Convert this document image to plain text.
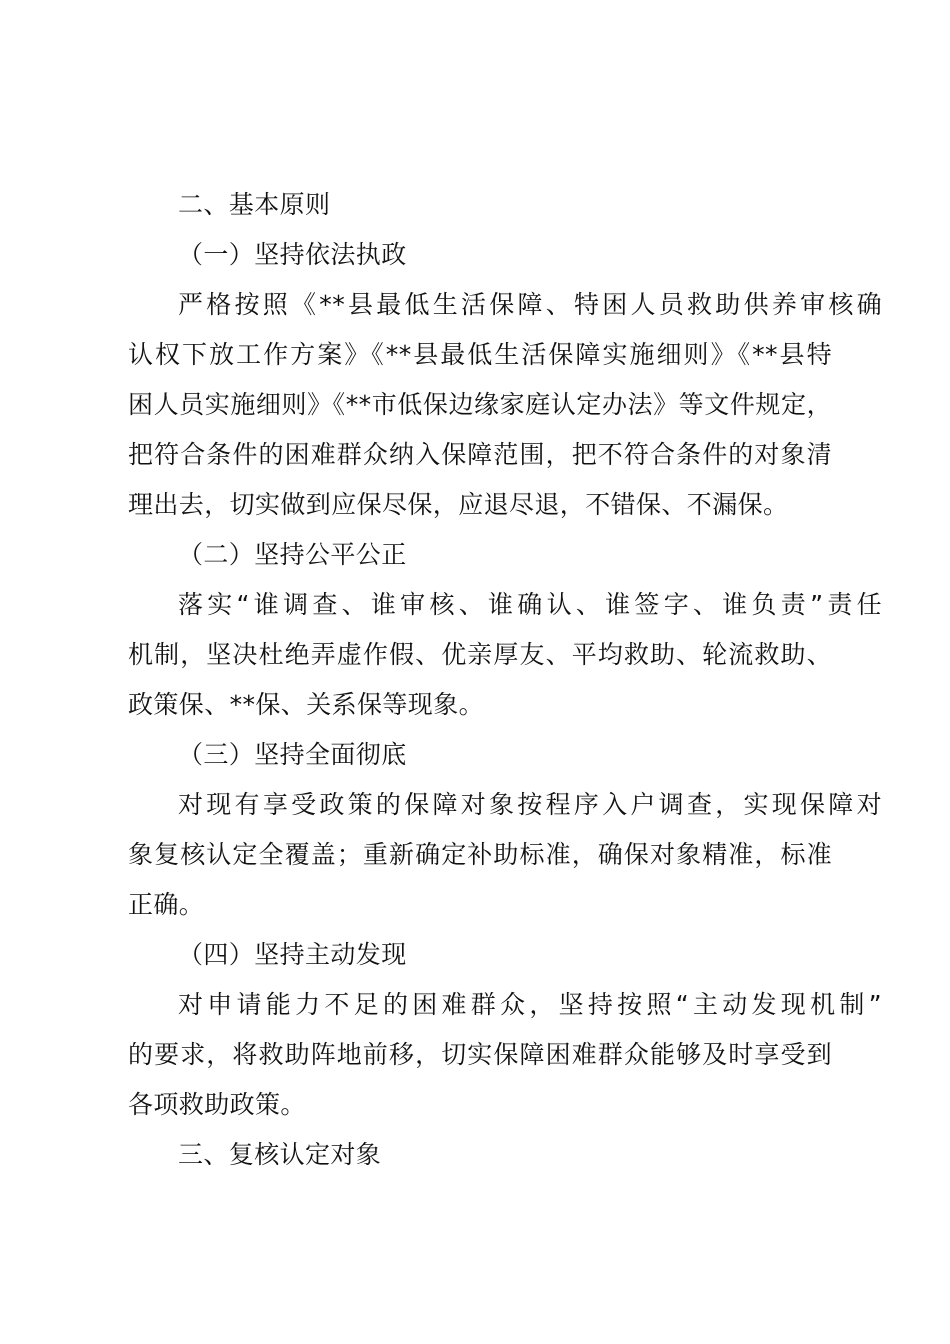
二、基本原则
（一）坚持依法执政
严格按照《**县最低生活保障、特困人员救助供养审核确
认权下放工作方案》《**县最低生活保障实施细则》《**县特
困人员实施细则》《**市低保边缘家庭认定办法》等文件规定，
把符合条件的困难群众纳入保障范围，把不符合条件的对象清
理出去，切实做到应保尽保，应退尽退，不错保、不漏保。
（二）坚持公平公正
落实“谁调查、谁审核、谁确认、谁签字、谁负责”责任
机制，坚决杜绝弄虚作假、优亲厚友、平均救助、轮流救助、
政策保、**保、关系保等现象。
（三）坚持全面彻底
对现有享受政策的保障对象按程序入户调查，实现保障对
象复核认定全覆盖；重新确定补助标准，确保对象精准，标准
正确。
（四）坚持主动发现
对申请能力不足的困难群众，坚持按照“主动发现机制”
的要求，将救助阵地前移，切实保障困难群众能够及时享受到
各项救助政策。
三、复核认定对象
